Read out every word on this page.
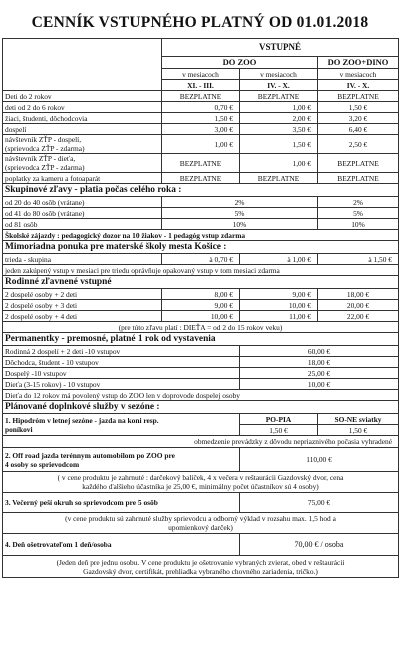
CENNÍK VSTUPNÉHO PLATNÝ OD 01.01.2018
	VSTUPNÉ		
	DO ZOO		DO ZOO+DINO
	v mesiacoch	v mesiacoch	v mesiacoch
	XI. - III.	IV. - X.	IV. - X.
Deti do 2 rokov	BEZPLATNE	BEZPLATNE	BEZPLATNE
deti od 2 do 6 rokov	0,70 €	1,00 €	1,50 €
žiaci, študenti, dôchodcovia	1,50 €	2,00 €	3,20 €
dospelí	3,00 €	3,50 €	6,40 €
návštevník ZŤP - dospelí,
(sprievodca ZŤP - zdarma)	1,00 €	1,50 €	2,50 €
návštevník ZŤP - dieťa,
(sprievodca ZŤP - zdarma)	BEZPLATNE	1,00 €	BEZPLATNE
poplatky za kameru a fotoaparát	BEZPLATNE	BEZPLATNE	BEZPLATNE
Skupinové zľavy - platia počas celého roka :			
od 20 do 40 osôb (vrátane)	2%		2%
od 41 do 80 osôb (vrátane)	5%		5%
od 81 osôb	10%		10%
Školské zájazdy : pedagogický dozor na 10 žiakov - 1 pedagóg vstup zdarma			
Mimoriadna ponuka pre materské školy mesta Košice :			
trieda - skupina	à 0,70 €	à 1,00 €	à 1,50 €
jeden zakúpený vstup v mesiaci pre triedu oprávňuje opakovaný vstup v tom mesiaci zdarma			
Rodinné zľavnené vstupné			
2 dospelé osoby + 2 deti	8,00 €	9,00 €	18,00 €
2 dospelé osoby + 3 deti	9,00 €	10,00 €	20,00 €
2 dospelé osoby + 4 deti	10,00 €	11,00 €	22,00 €
(pre túto zľavu platí : DIEŤA = od 2 do 15 rokov veku)			
Permanentky - premosné, platné 1 rok od vystavenia			
Rodinná 2 dospelí + 2 deti -10 vstupov		60,00 €	
Dôchodca, študent - 10 vstupov		18,00 €	
Dospelý -10 vstupov		25,00 €	
Dieťa (3-15 rokov) - 10 vstupov		10,00 €	
Dieťa do 12 rokov má povolený vstup do ZOO len v doprovode dospelej osoby			
Plánované doplnkové služby v sezóne :			
1. Hipodróm v letnej sezóne - jazda na koni resp.
poníkovi		PO-PIA	SO-NE sviatky
		1,50 €	1,50 €
obmedzenie prevádzky z dôvodu nepriaznivého počasia vyhradené			
2. Off road jazda terénnym automobilom po ZOO pre
4 osoby so sprievodcom		110,00 €	
( v cene produktu je zahrnuté : darčekový balíček, 4 x večera v reštaurácii Gazdovský dvor, cena
každého ďalšieho účastníka je 25,00 €, minimálny počet účastníkov sú 4 osoby)			
3. Večerný peší okruh so sprievodcom pre 5 osôb		75,00 €	
(v cene produktu sú zahrnuté služby sprievodcu a odborný výklad v rozsahu max. 1,5 hod a
upomienkový darček)			
4. Deň ošetrovateľom 1 deň/osoba		70,00 € / osoba	
(Jeden deň pre jednu osobu. V cene produktu je ošetrovanie vybraných zvierat, obed v reštaurácii
Gazdovský dvor, certifikát, prehliadka vybraného chovného zariadenia, tričko.)			
